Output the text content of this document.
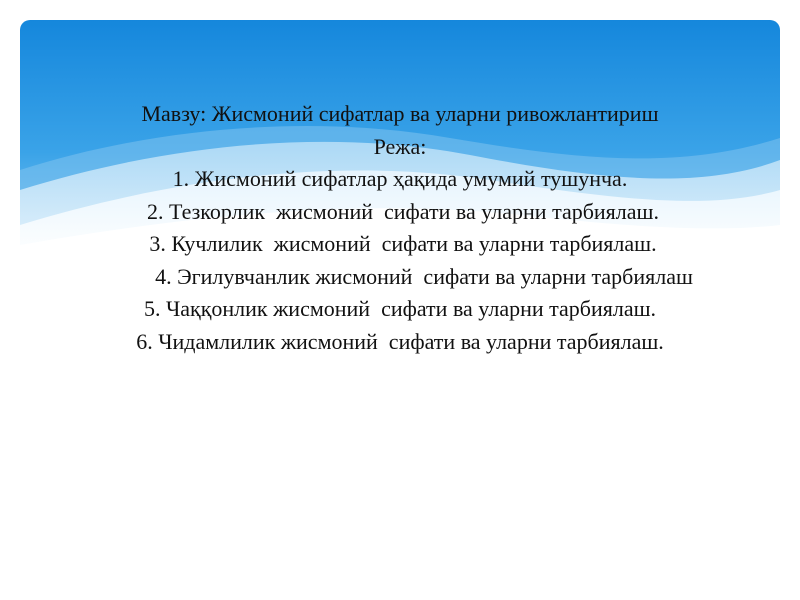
Мавзу: Жисмоний сифатлар ва уларни ривожлантириш
Режа:
1. Жисмоний сифатлар ҳақида умумий тушунча.
2. Тезкорлик  жисмоний  сифати ва уларни тарбиялаш.
3. Кучлилик  жисмоний  сифати ва уларни тарбиялаш.
4. Эгилувчанлик жисмоний  сифати ва уларни тарбиялаш
5. Чаққонлик жисмоний  сифати ва уларни тарбиялаш.
6. Чидамлилик жисмоний  сифати ва уларни тарбиялаш.
